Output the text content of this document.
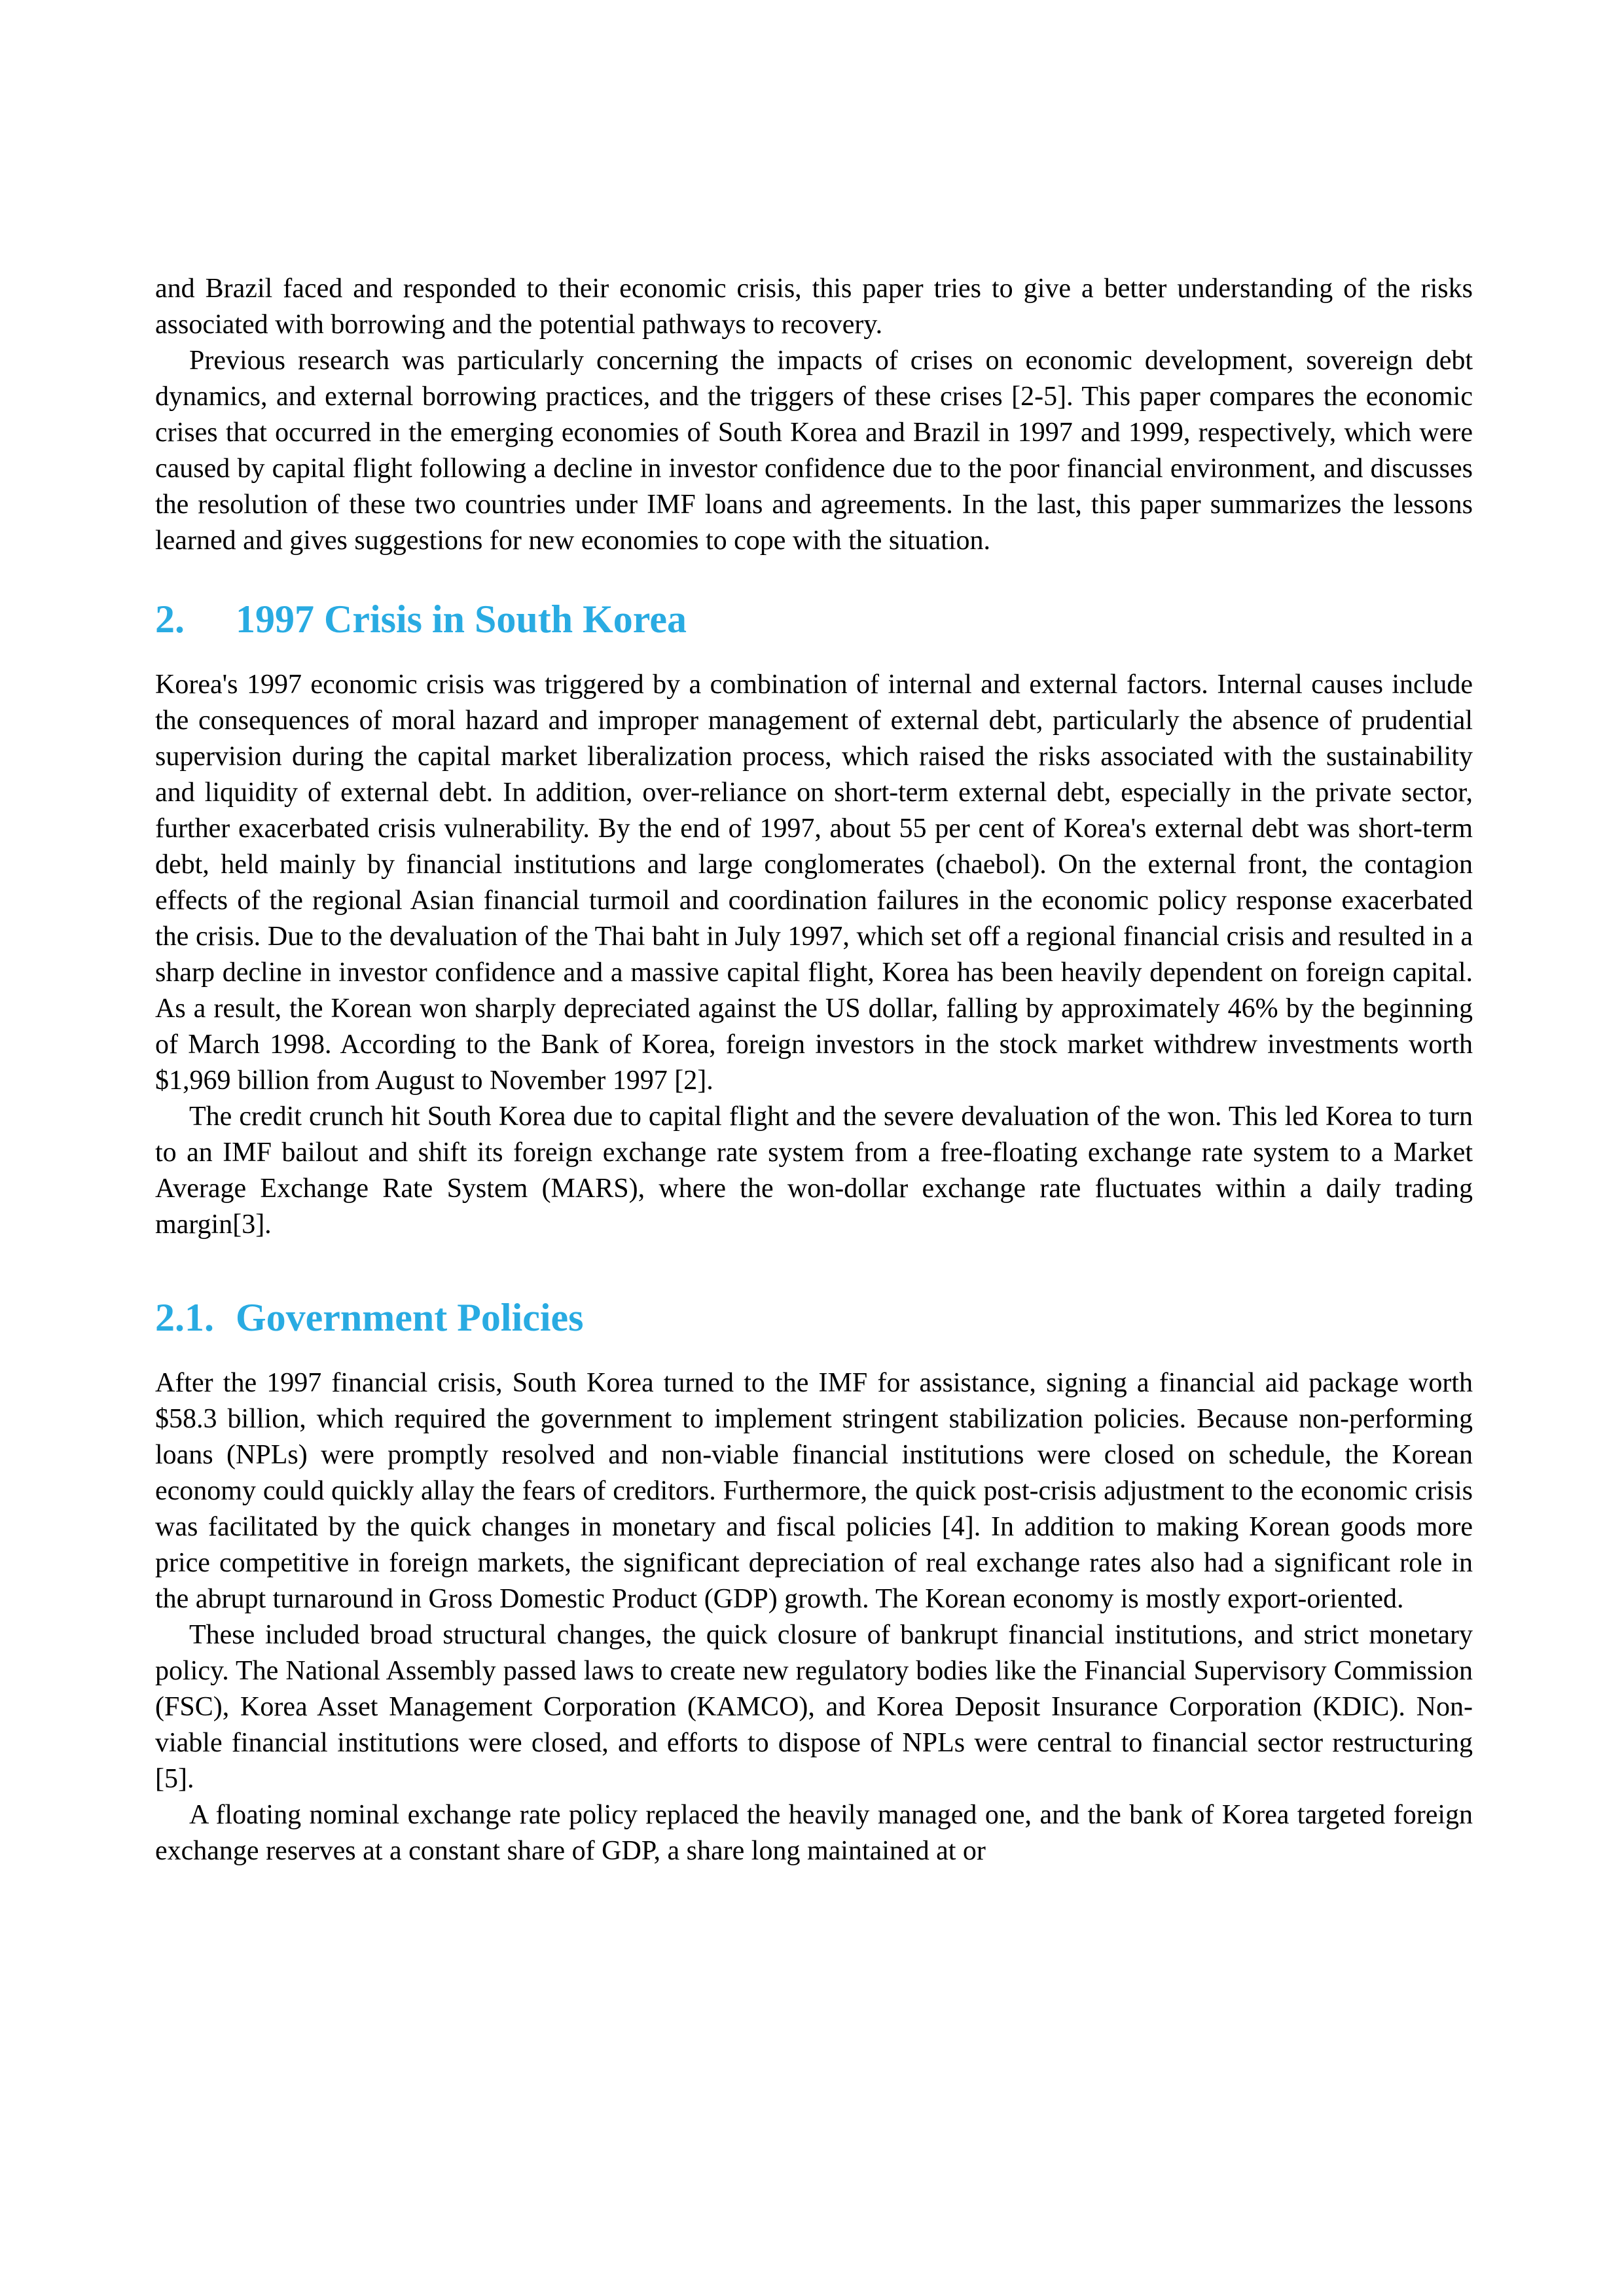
and Brazil faced and responded to their economic crisis, this paper tries to give a better understanding of the risks associated with borrowing and the potential pathways to recovery.

Previous research was particularly concerning the impacts of crises on economic development, sovereign debt dynamics, and external borrowing practices, and the triggers of these crises [2-5]. This paper compares the economic crises that occurred in the emerging economies of South Korea and Brazil in 1997 and 1999, respectively, which were caused by capital flight following a decline in investor confidence due to the poor financial environment, and discusses the resolution of these two countries under IMF loans and agreements. In the last, this paper summarizes the lessons learned and gives suggestions for new economies to cope with the situation.

2.	1997 Crisis in South Korea

Korea's 1997 economic crisis was triggered by a combination of internal and external factors. Internal causes include the consequences of moral hazard and improper management of external debt, particularly the absence of prudential supervision during the capital market liberalization process, which raised the risks associated with the sustainability and liquidity of external debt. In addition, over-reliance on short-term external debt, especially in the private sector, further exacerbated crisis vulnerability. By the end of 1997, about 55 per cent of Korea's external debt was short-term debt, held mainly by financial institutions and large conglomerates (chaebol). On the external front, the contagion effects of the regional Asian financial turmoil and coordination failures in the economic policy response exacerbated the crisis. Due to the devaluation of the Thai baht in July 1997, which set off a regional financial crisis and resulted in a sharp decline in investor confidence and a massive capital flight, Korea has been heavily dependent on foreign capital. As a result, the Korean won sharply depreciated against the US dollar, falling by approximately 46% by the beginning of March 1998. According to the Bank of Korea, foreign investors in the stock market withdrew investments worth $1,969 billion from August to November 1997 [2].

The credit crunch hit South Korea due to capital flight and the severe devaluation of the won. This led Korea to turn to an IMF bailout and shift its foreign exchange rate system from a free-floating exchange rate system to a Market Average Exchange Rate System (MARS), where the won-dollar exchange rate fluctuates within a daily trading margin[3].

2.1. Government Policies

After the 1997 financial crisis, South Korea turned to the IMF for assistance, signing a financial aid package worth $58.3 billion, which required the government to implement stringent stabilization policies. Because non-performing loans (NPLs) were promptly resolved and non-viable financial institutions were closed on schedule, the Korean economy could quickly allay the fears of creditors. Furthermore, the quick post-crisis adjustment to the economic crisis was facilitated by the quick changes in monetary and fiscal policies [4]. In addition to making Korean goods more price competitive in foreign markets, the significant depreciation of real exchange rates also had a significant role in the abrupt turnaround in Gross Domestic Product (GDP) growth. The Korean economy is mostly export-oriented.

These included broad structural changes, the quick closure of bankrupt financial institutions, and strict monetary policy. The National Assembly passed laws to create new regulatory bodies like the Financial Supervisory Commission (FSC), Korea Asset Management Corporation (KAMCO), and Korea Deposit Insurance Corporation (KDIC). Non-viable financial institutions were closed, and efforts to dispose of NPLs were central to financial sector restructuring [5].

A floating nominal exchange rate policy replaced the heavily managed one, and the bank of Korea targeted foreign exchange reserves at a constant share of GDP, a share long maintained at or
